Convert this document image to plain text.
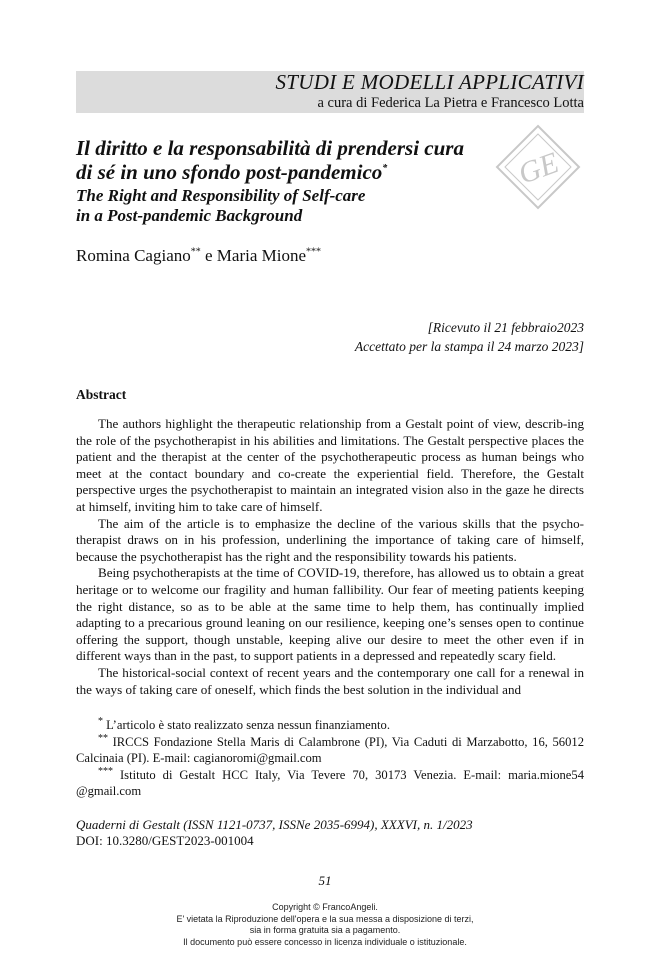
STUDI E MODELLI APPLICATIVI
a cura di Federica La Pietra e Francesco Lotta
GE
Il diritto e la responsabilità di prendersi cura
di sé in uno sfondo post-pandemico*
The Right and Responsibility of Self-care
in a Post-pandemic Background
Romina Cagiano** e Maria Mione***
[Ricevuto il 21 febbraio2023
Accettato per la stampa il 24 marzo 2023]
Abstract

The authors highlight the therapeutic relationship from a Gestalt point of view, describ-ing the role of the psychotherapist in his abilities and limitations. The Gestalt perspective places the patient and the therapist at the center of the psychotherapeutic process as human beings who meet at the contact boundary and co-create the experiential field. Therefore, the Gestalt perspective urges the psychotherapist to maintain an integrated vision also in the gaze he directs at himself, inviting him to take care of himself.

The aim of the article is to emphasize the decline of the various skills that the psycho-therapist draws on in his profession, underlining the importance of taking care of himself, because the psychotherapist has the right and the responsibility towards his patients.

Being psychotherapists at the time of COVID-19, therefore, has allowed us to obtain a great heritage or to welcome our fragility and human fallibility. Our fear of meeting patients keeping the right distance, so as to be able at the same time to help them, has continually implied adapting to a precarious ground leaning on our resilience, keeping one’s senses open to continue offering the support, though unstable, keeping alive our desire to meet the other even if in different ways than in the past, to support patients in a depressed and repeatedly scary field.

The historical-social context of recent years and the contemporary one call for a renewal in the ways of taking care of oneself, which finds the best solution in the individual and

* L’articolo è stato realizzato senza nessun finanziamento.

** IRCCS Fondazione Stella Maris di Calambrone (PI), Via Caduti di Marzabotto, 16, 56012 Calcinaia (PI). E-mail: cagianoromi@gmail.com

*** Istituto di Gestalt HCC Italy, Via Tevere 70, 30173 Venezia. E-mail: maria.mione54 @gmail.com

Quaderni di Gestalt (ISSN 1121-0737, ISSNe 2035-6994), XXXVI, n. 1/2023
DOI: 10.3280/GEST2023-001004
51
Copyright © FrancoAngeli.
E' vietata la Riproduzione dell'opera e la sua messa a disposizione di terzi,
sia in forma gratuita sia a pagamento.
Il documento può essere concesso in licenza individuale o istituzionale.
